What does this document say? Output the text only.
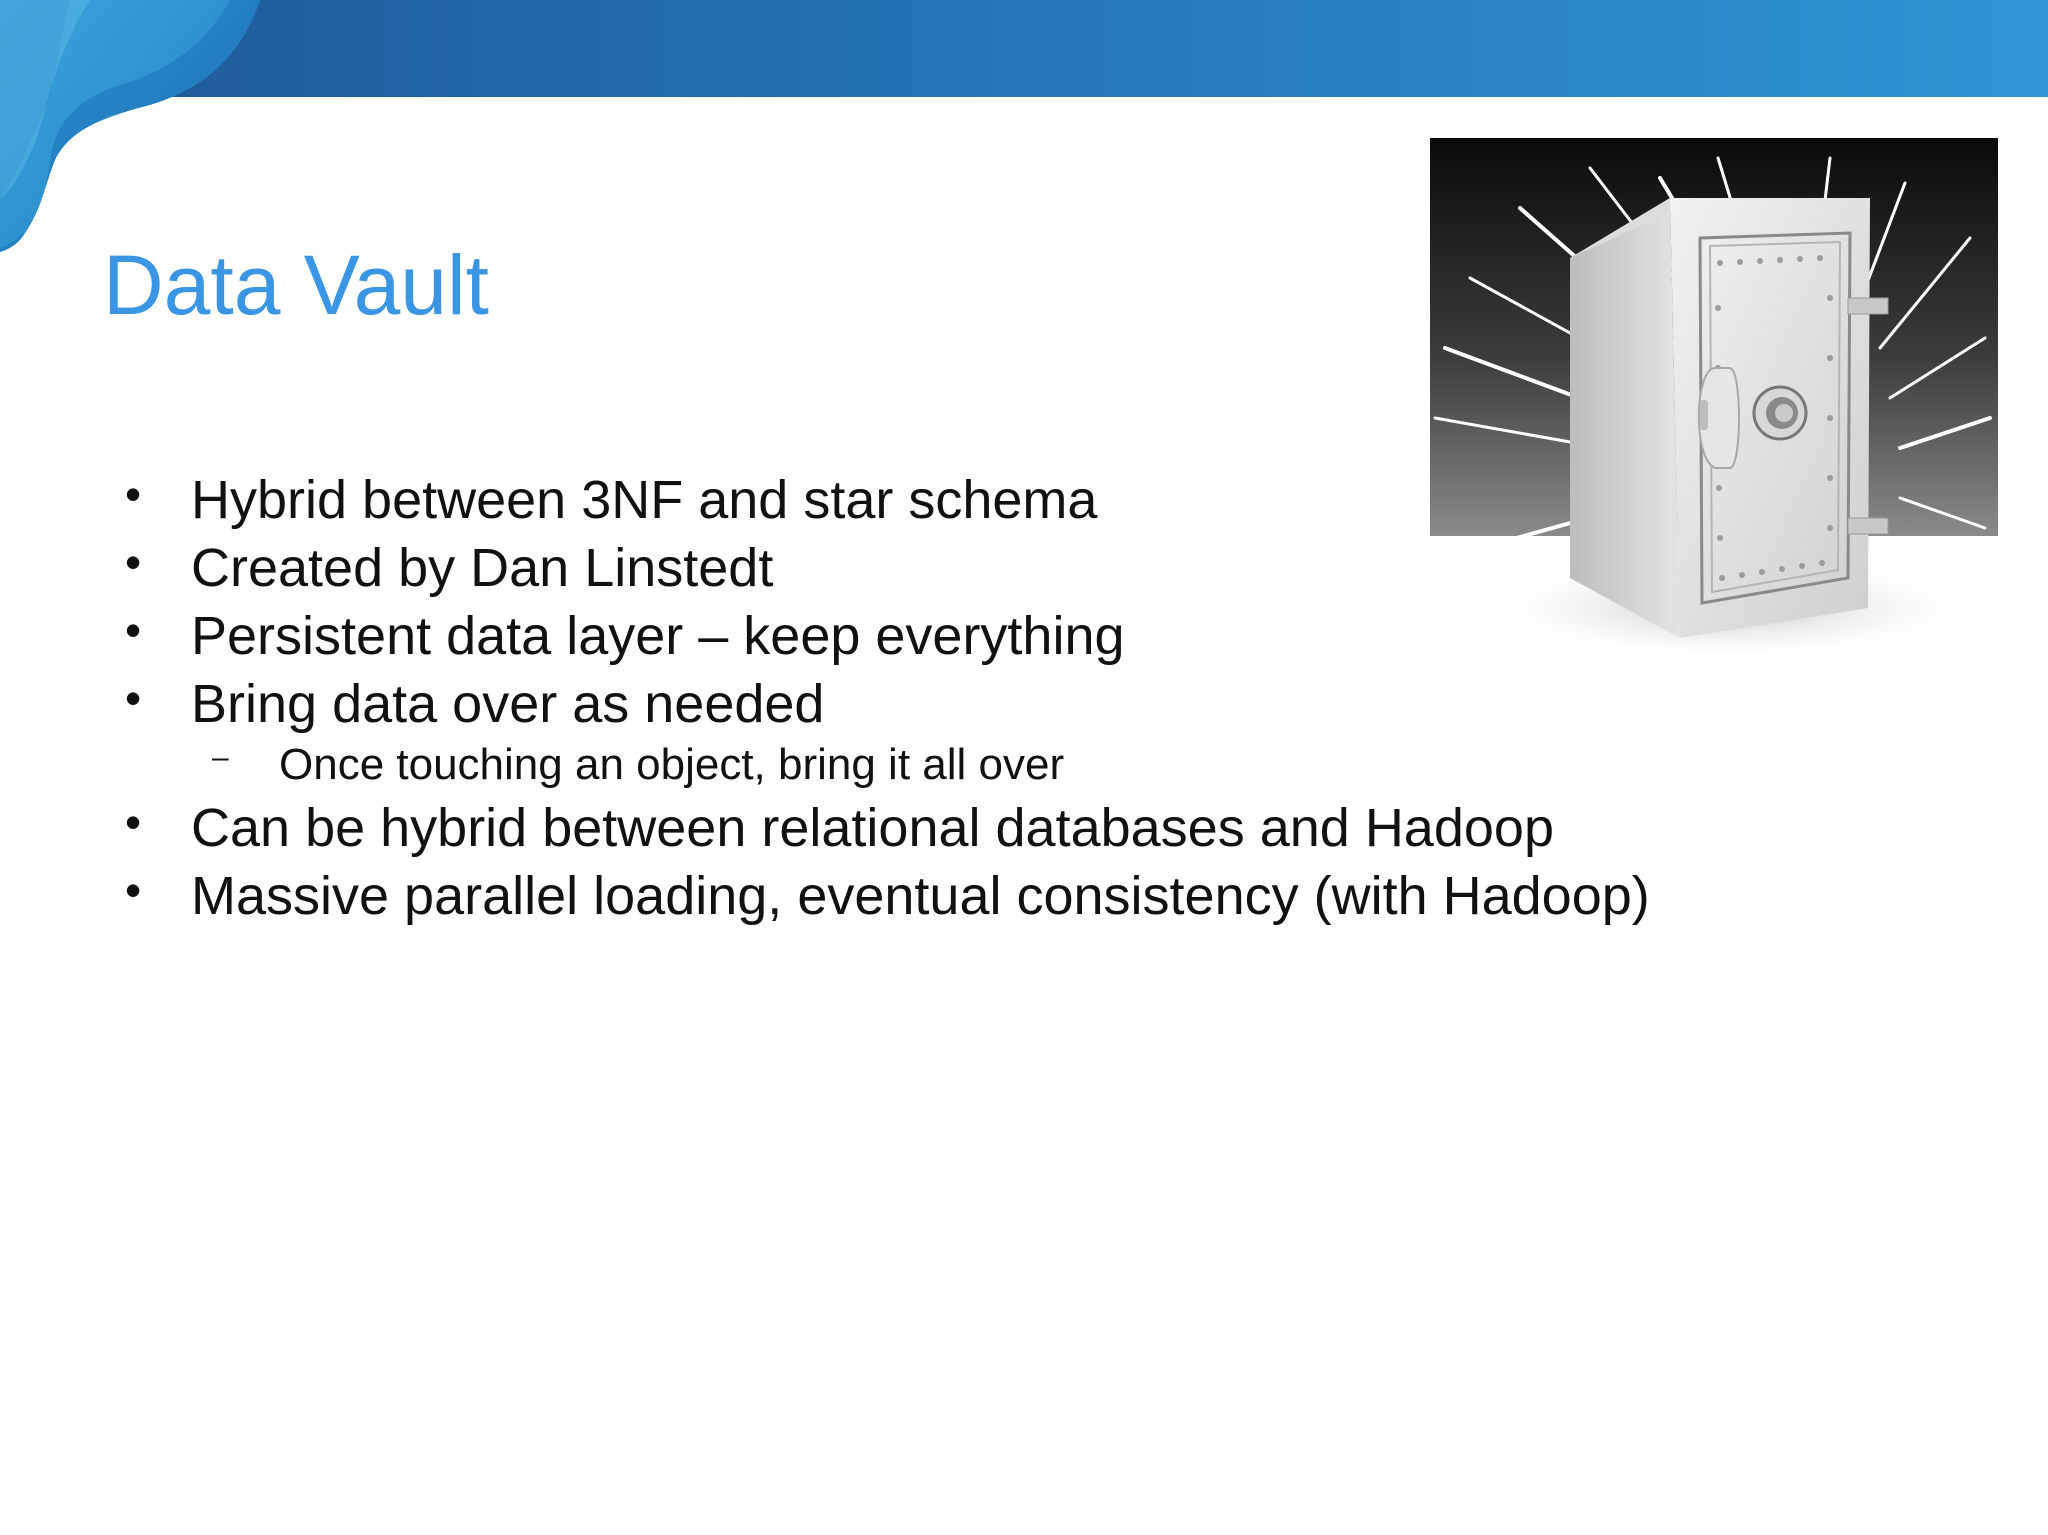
Data Vault
• Hybrid between 3NF and star schema
• Created by Dan Linstedt
• Persistent data layer – keep everything
• Bring data over as needed
– Once touching an object, bring it all over
• Can be hybrid between relational databases and Hadoop
• Massive parallel loading, eventual consistency (with Hadoop)
